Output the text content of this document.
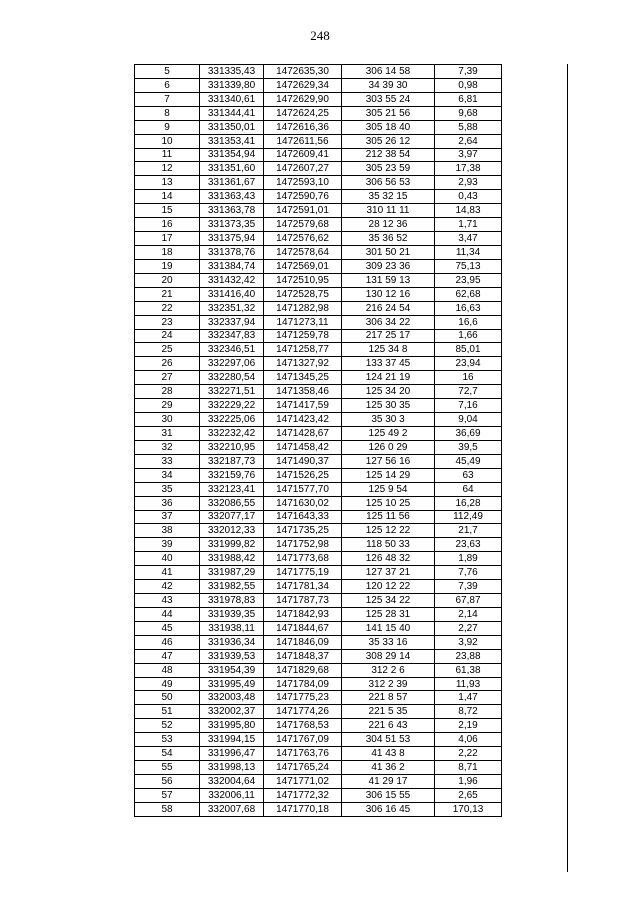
248
5	331335,43	1472635,30	306 14 58	7,39
6	331339,80	1472629,34	34 39 30	0,98
7	331340,61	1472629,90	303 55 24	6,81
8	331344,41	1472624,25	305 21 56	9,68
9	331350,01	1472616,36	305 18 40	5,88
10	331353,41	1472611,56	305 26 12	2,64
11	331354,94	1472609,41	212 38 54	3,97
12	331351,60	1472607,27	305 23 59	17,38
13	331361,67	1472593,10	306 56 53	2,93
14	331363,43	1472590,76	35 32 15	0,43
15	331363,78	1472591,01	310 11 11	14,83
16	331373,35	1472579,68	28 12 36	1,71
17	331375,94	1472576,62	35 36 52	3,47
18	331378,76	1472578,64	301 50 21	11,34
19	331384,74	1472569,01	309 23 36	75,13
20	331432,42	1472510,95	131 59 13	23,95
21	331416,40	1472528,75	130 12 16	62,68
22	332351,32	1471282,98	216 24 54	16,63
23	332337,94	1471273,11	306 34 22	16,6
24	332347,83	1471259,78	217 25 17	1,66
25	332346,51	1471258,77	125 34 8	85,01
26	332297,06	1471327,92	133 37 45	23,94
27	332280,54	1471345,25	124 21 19	16
28	332271,51	1471358,46	125 34 20	72,7
29	332229,22	1471417,59	125 30 35	7,16
30	332225,06	1471423,42	35 30 3	9,04
31	332232,42	1471428,67	125 49 2	36,69
32	332210,95	1471458,42	126 0 29	39,5
33	332187,73	1471490,37	127 56 16	45,49
34	332159,76	1471526,25	125 14 29	63
35	332123,41	1471577,70	125 9 54	64
36	332086,55	1471630,02	125 10 25	16,28
37	332077,17	1471643,33	125 11 56	112,49
38	332012,33	1471735,25	125 12 22	21,7
39	331999,82	1471752,98	118 50 33	23,63
40	331988,42	1471773,68	126 48 32	1,89
41	331987,29	1471775,19	127 37 21	7,76
42	331982,55	1471781,34	120 12 22	7,39
43	331978,83	1471787,73	125 34 22	67,87
44	331939,35	1471842,93	125 28 31	2,14
45	331938,11	1471844,67	141 15 40	2,27
46	331936,34	1471846,09	35 33 16	3,92
47	331939,53	1471848,37	308 29 14	23,88
48	331954,39	1471829,68	312 2 6	61,38
49	331995,49	1471784,09	312 2 39	11,93
50	332003,48	1471775,23	221 8 57	1,47
51	332002,37	1471774,26	221 5 35	8,72
52	331995,80	1471768,53	221 6 43	2,19
53	331994,15	1471767,09	304 51 53	4,06
54	331996,47	1471763,76	41 43 8	2,22
55	331998,13	1471765,24	41 36 2	8,71
56	332004,64	1471771,02	41 29 17	1,96
57	332006,11	1471772,32	306 15 55	2,65
58	332007,68	1471770,18	306 16 45	170,13
